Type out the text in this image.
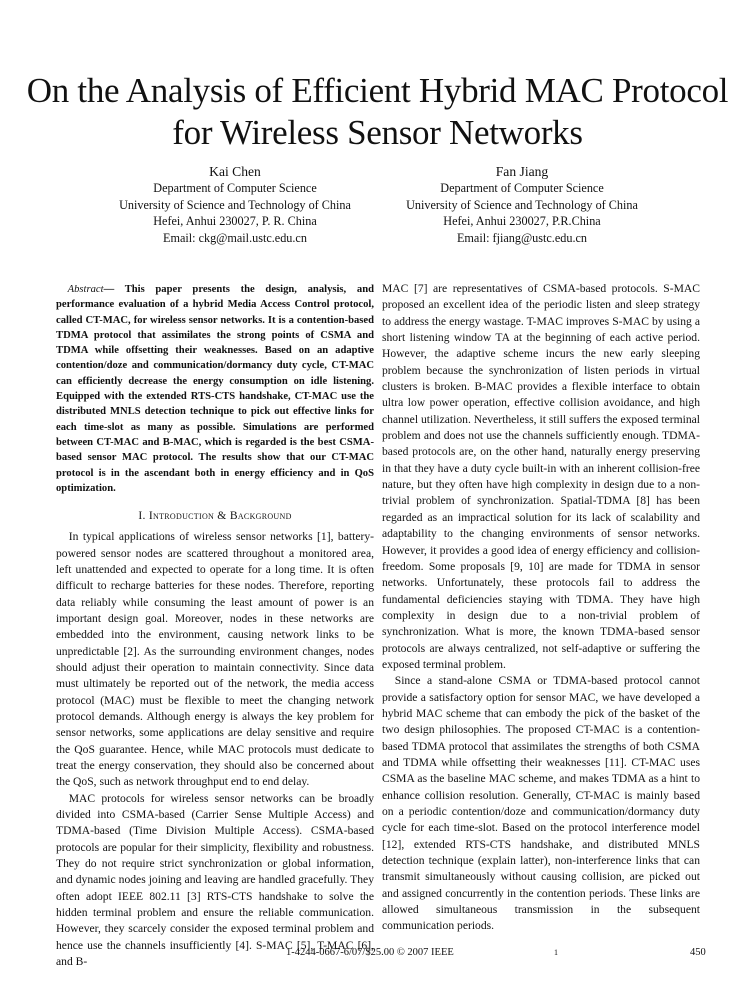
On the Analysis of Efficient Hybrid MAC Protocol
for Wireless Sensor Networks
Kai Chen
Department of Computer Science
University of Science and Technology of China
Hefei, Anhui 230027, P. R. China
Email: ckg@mail.ustc.edu.cn
Fan Jiang
Department of Computer Science
University of Science and Technology of China
Hefei, Anhui 230027, P.R.China
Email: fjiang@ustc.edu.cn

Abstract— This paper presents the design, analysis, and performance evaluation of a hybrid Media Access Control protocol, called CT-MAC, for wireless sensor networks. It is a contention-based TDMA protocol that assimilates the strong points of CSMA and TDMA while offsetting their weaknesses. Based on an adaptive contention/doze and communication/dormancy duty cycle, CT-MAC can efficiently decrease the energy consumption on idle listening. Equipped with the extended RTS-CTS handshake, CT-MAC use the distributed MNLS detection technique to pick out effective links for each time-slot as many as possible. Simulations are performed between CT-MAC and B-MAC, which is regarded is the best CSMA-based sensor MAC protocol. The results show that our CT-MAC protocol is in the ascendant both in energy efficiency and in QoS optimization.

I. Introduction & Background

In typical applications of wireless sensor networks [1], battery-powered sensor nodes are scattered throughout a monitored area, left unattended and expected to operate for a long time. It is often difficult to recharge batteries for these nodes. Therefore, reporting data reliably while consuming the least amount of power is an important design goal. Moreover, nodes in these networks are embedded into the environment, causing network links to be unpredictable [2]. As the surrounding environment changes, nodes should adjust their operation to maintain connectivity. Since data must ultimately be reported out of the network, the media access protocol (MAC) must be flexible to meet the changing network protocol demands. Although energy is always the key problem for sensor networks, some applications are delay sensitive and require the QoS guarantee. Hence, while MAC protocols must dedicate to treat the energy conservation, they should also be concerned about the QoS, such as network throughput end to end delay.

MAC protocols for wireless sensor networks can be broadly divided into CSMA-based (Carrier Sense Multiple Access) and TDMA-based (Time Division Multiple Access). CSMA-based protocols are popular for their simplicity, flexibility and robustness. They do not require strict synchronization or global information, and dynamic nodes joining and leaving are handled gracefully. They often adopt IEEE 802.11 [3] RTS-CTS handshake to solve the hidden terminal problem and ensure the reliable communication. However, they scarcely consider the exposed terminal problem and hence use the channels insufficiently [4]. S-MAC [5], T-MAC [6], and B-

MAC [7] are representatives of CSMA-based protocols. S-MAC proposed an excellent idea of the periodic listen and sleep strategy to address the energy wastage. T-MAC improves S-MAC by using a short listening window TA at the beginning of each active period. However, the adaptive scheme incurs the new early sleeping problem because the synchronization of listen periods in virtual clusters is broken. B-MAC provides a flexible interface to obtain ultra low power operation, effective collision avoidance, and high channel utilization. Nevertheless, it still suffers the exposed terminal problem and does not use the channels sufficiently enough. TDMA-based protocols are, on the other hand, naturally energy preserving in that they have a duty cycle built-in with an inherent collision-free nature, but they often have high complexity in design due to a non-trivial problem of synchronization. Spatial-TDMA [8] has been regarded as an impractical solution for its lack of scalability and adaptability to the changing environments of sensor networks. However, it provides a good idea of energy efficiency and collision-freedom. Some proposals [9, 10] are made for TDMA in sensor networks. Unfortunately, these protocols fail to address the fundamental deficiencies staying with TDMA. They have high complexity in design due to a non-trivial problem of synchronization. What is more, the known TDMA-based sensor protocols are always centralized, not self-adaptive or suffering the exposed terminal problem.

Since a stand-alone CSMA or TDMA-based protocol cannot provide a satisfactory option for sensor MAC, we have developed a hybrid MAC scheme that can embody the pick of the basket of the two design philosophies. The proposed CT-MAC is a contention-based TDMA protocol that assimilates the strengths of both CSMA and TDMA while offsetting their weaknesses [11]. CT-MAC uses CSMA as the baseline MAC scheme, and makes TDMA as a hint to enhance collision resolution. Generally, CT-MAC is mainly based on a periodic contention/doze and communication/dormancy duty cycle for each time-slot. Based on the protocol interference model [12], extended RTS-CTS handshake, and distributed MNLS detection technique (explain latter), non-interference links that can transmit simultaneously without causing collision, are picked out and assigned concurrently in the contention periods. These links are allowed simultaneous transmission in the subsequent communication periods.

1-4244-0667-6/07/$25.00 © 2007 IEEE	1	450
